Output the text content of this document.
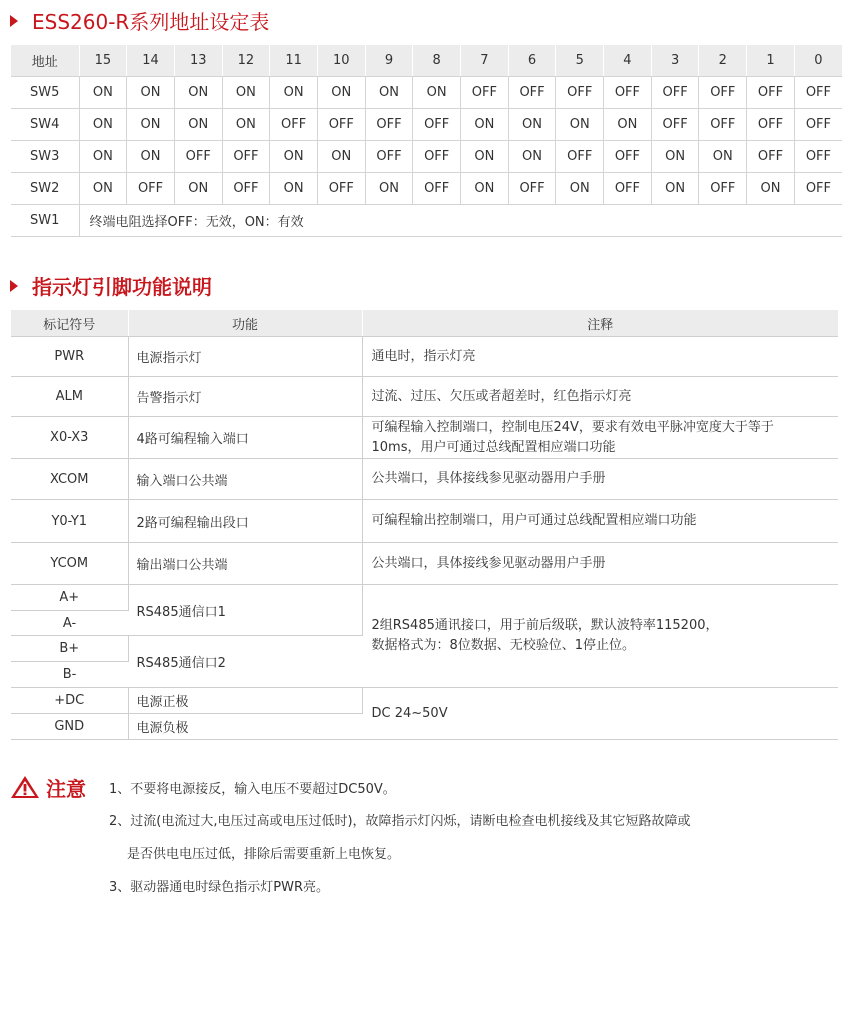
ESS260-R系列地址设定表
地址	15	14	13	12	11	10	9	8	7	6	5	4	3	2	1	0
SW5	ON	ON	ON	ON	ON	ON	ON	ON	OFF	OFF	OFF	OFF	OFF	OFF	OFF	OFF
SW4	ON	ON	ON	ON	OFF	OFF	OFF	OFF	ON	ON	ON	ON	OFF	OFF	OFF	OFF
SW3	ON	ON	OFF	OFF	ON	ON	OFF	OFF	ON	ON	OFF	OFF	ON	ON	OFF	OFF
SW2	ON	OFF	ON	OFF	ON	OFF	ON	OFF	ON	OFF	ON	OFF	ON	OFF	ON	OFF
SW1	终端电阻选择OFF：无效，ON：有效															
指示灯引脚功能说明
标记符号	功能	注释
PWR	电源指示灯	通电时，指示灯亮
ALM	告警指示灯	过流、过压、欠压或者超差时，红色指示灯亮
X0-X3	4路可编程输入端口	可编程输入控制端口，控制电压24V，要求有效电平脉冲宽度大于等于
10ms，用户可通过总线配置相应端口功能

XCOM	输入端口公共端	公共端口，具体接线参见驱动器用户手册
Y0-Y1	2路可编程输出段口	可编程输出控制端口，用户可通过总线配置相应端口功能
YCOM	输出端口公共端	公共端口，具体接线参见驱动器用户手册
A+	RS485通信口1	2组RS485通讯接口，用于前后级联，默认波特率115200，
数据格式为：8位数据、无校验位、1停止位。

A-		
B+	RS485通信口2	
B-		
+DC	电源正极	DC 24~50V
GND	电源负极	
注意 1、不要将电源接反，输入电压不要超过DC50V。
2、过流(电流过大,电压过高或电压过低时)，故障指示灯闪烁，请断电检查电机接线及其它短路故障或
是否供电电压过低，排除后需要重新上电恢复。
3、驱动器通电时绿色指示灯PWR亮。
